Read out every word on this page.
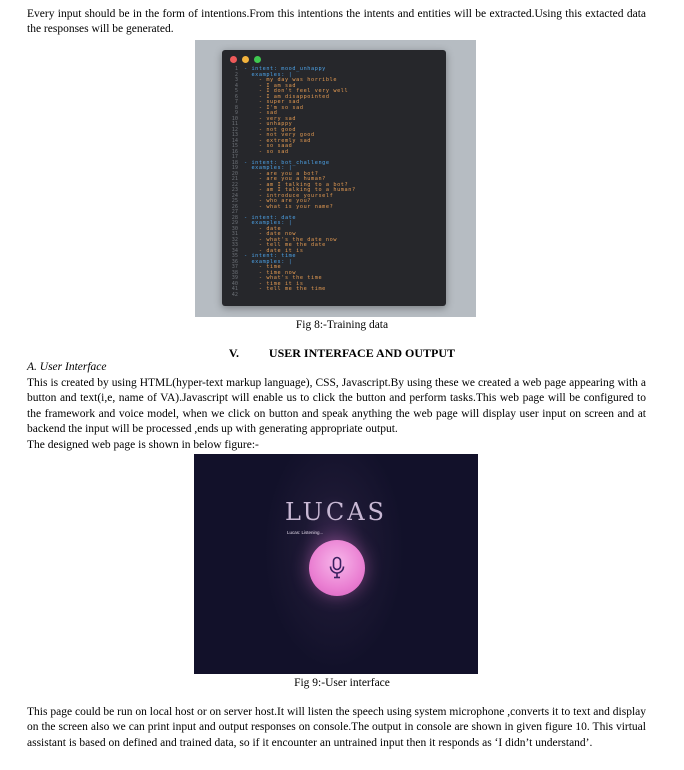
Every input should be in the form of intentions.From this intentions the intents and entities will be extracted.Using this extacted data the responses will be generated.

1 - intent: mood_unhappy
2  examples: |
3    - my day was horrible
4    - I am sad
5    - I don't feel very well
6    - I am disappointed
7    - super sad
8    - I'm so sad
9    - sad
10    - very sad
11    - unhappy
12    - not good
13    - not very good
14    - extremly sad
15    - so saad
16    - so sad
17
18 - intent: bot_challenge
19  examples: |
20    - are you a bot?
21    - are you a human?
22    - am I talking to a bot?
23    - am I talking to a human?
24    - introduce yourself
25    - who are you?
26    - what is your name?
27
28 - intent: date
29  examples: |
30    - date
31    - date now
32    - what's the date now
33    - tell me the date
34    - date it is
35 - intent: time
36  examples: |
37    - time
38    - time now
39    - what's the time
40    - time it is
41    - tell me the time
42

Fig 8:-Training data

V. USER INTERFACE AND OUTPUT

A. User Interface

This is created by using HTML(hyper-text markup language), CSS, Javascript.By using these we created a web page appearing with a button and text(i,e, name of VA).Javascript will enable us to click the button and perform tasks.This web page will be configured to the framework and voice model, when we click on button and speak anything the web page will display user input on screen and at backend the input will be processed ,ends up with generating appropriate output.

The designed web page is shown in below figure:-

LUCAS
Lucas: Listening...

Fig 9:-User interface

This page could be run on local host or on server host.It will listen the speech using system microphone ,converts it to text and display on the screen also we can print input and output responses on console.The output in console are shown in given figure 10. This virtual assistant is based on defined and trained data, so if it encounter an untrained input then it responds as ‘I didn’t understand’.
